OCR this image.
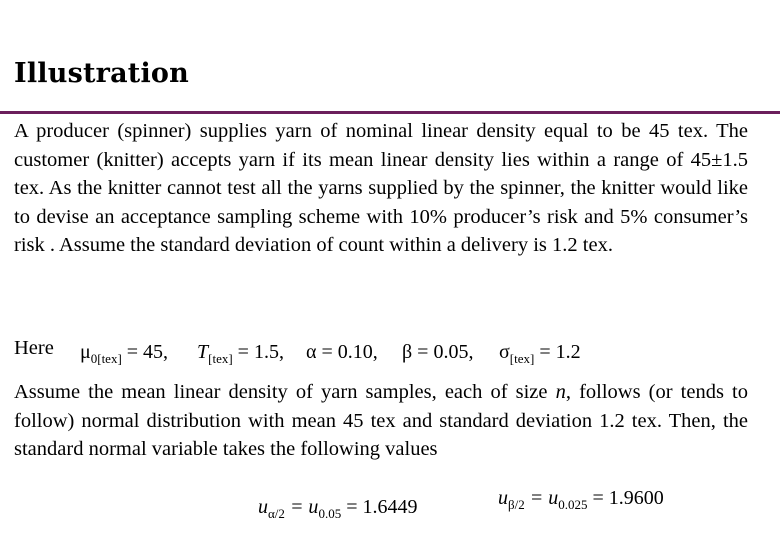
Illustration
A producer (spinner) supplies yarn of nominal linear density equal to be 45 tex. The customer (knitter) accepts yarn if its mean linear density lies within a range of 45±1.5 tex. As the knitter cannot test all the yarns supplied by the spinner, the knitter would like to devise an acceptance sampling scheme with 10% producer’s risk and 5% consumer’s risk . Assume the standard deviation of count within a delivery is 1.2 tex.
Here $\mu_{0[tex]} = 45$, $T_{[tex]} = 1.5$, α = 0.10, β = 0.05, $\sigma_{[tex]} = 1.2$
Assume the mean linear density of yarn samples, each of size n, follows (or tends to follow) normal distribution with mean 45 tex and standard deviation 1.2 tex. Then, the standard normal variable takes the following values
$u_{\alpha/2} = u_{0.05} = 1.6449$	$u_{\beta/2} = u_{0.025} = 1.9600$
